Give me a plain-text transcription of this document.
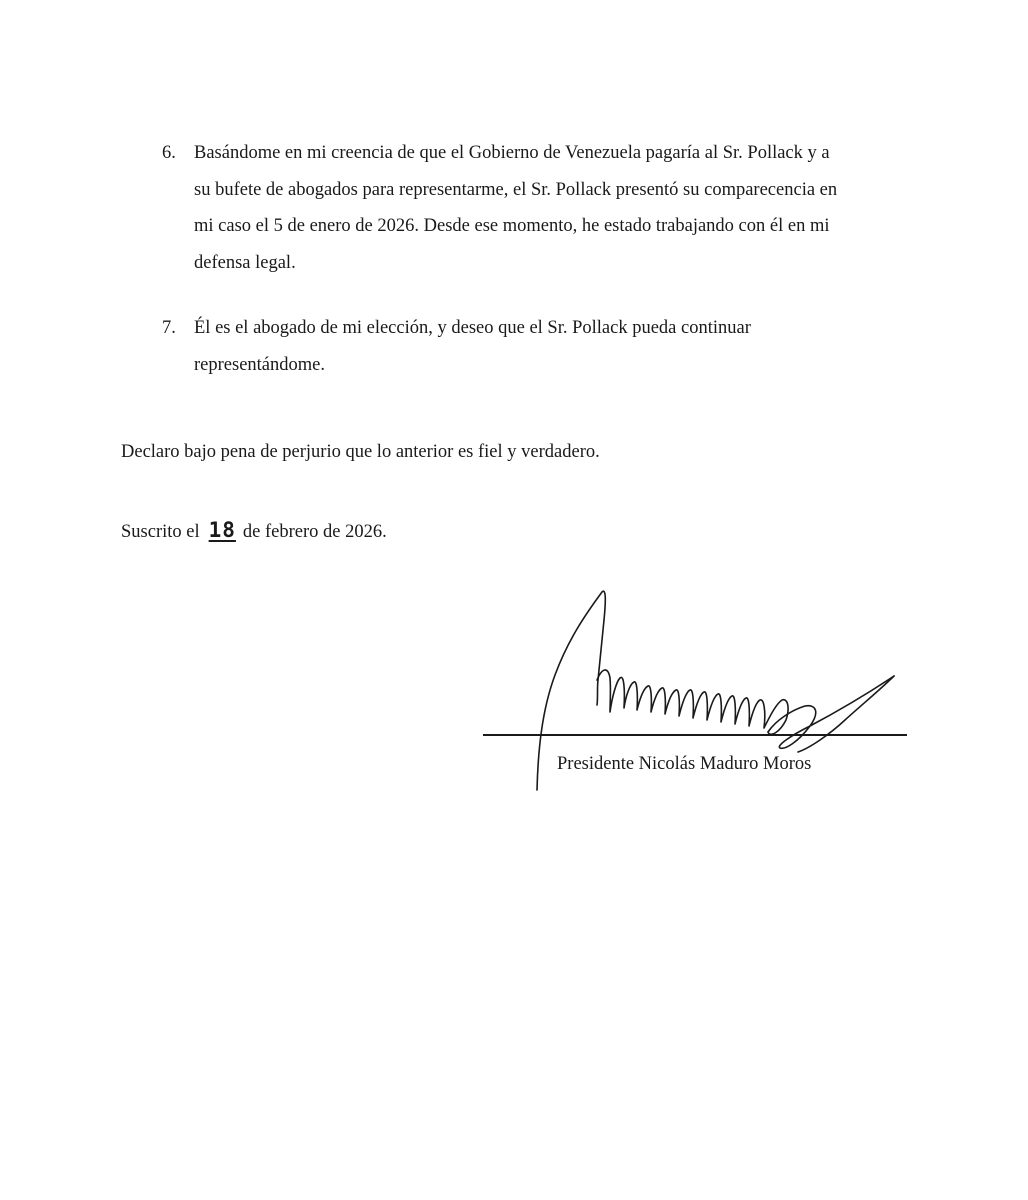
6. Basándome en mi creencia de que el Gobierno de Venezuela pagaría al Sr. Pollack y a
su bufete de abogados para representarme, el Sr. Pollack presentó su comparecencia en
mi caso el 5 de enero de 2026. Desde ese momento, he estado trabajando con él en mi
defensa legal.
7. Él es el abogado de mi elección, y deseo que el Sr. Pollack pueda continuar
representándome.
Declaro bajo pena de perjurio que lo anterior es fiel y verdadero.
Suscrito el 18 de febrero de 2026.
Presidente Nicolás Maduro Moros
